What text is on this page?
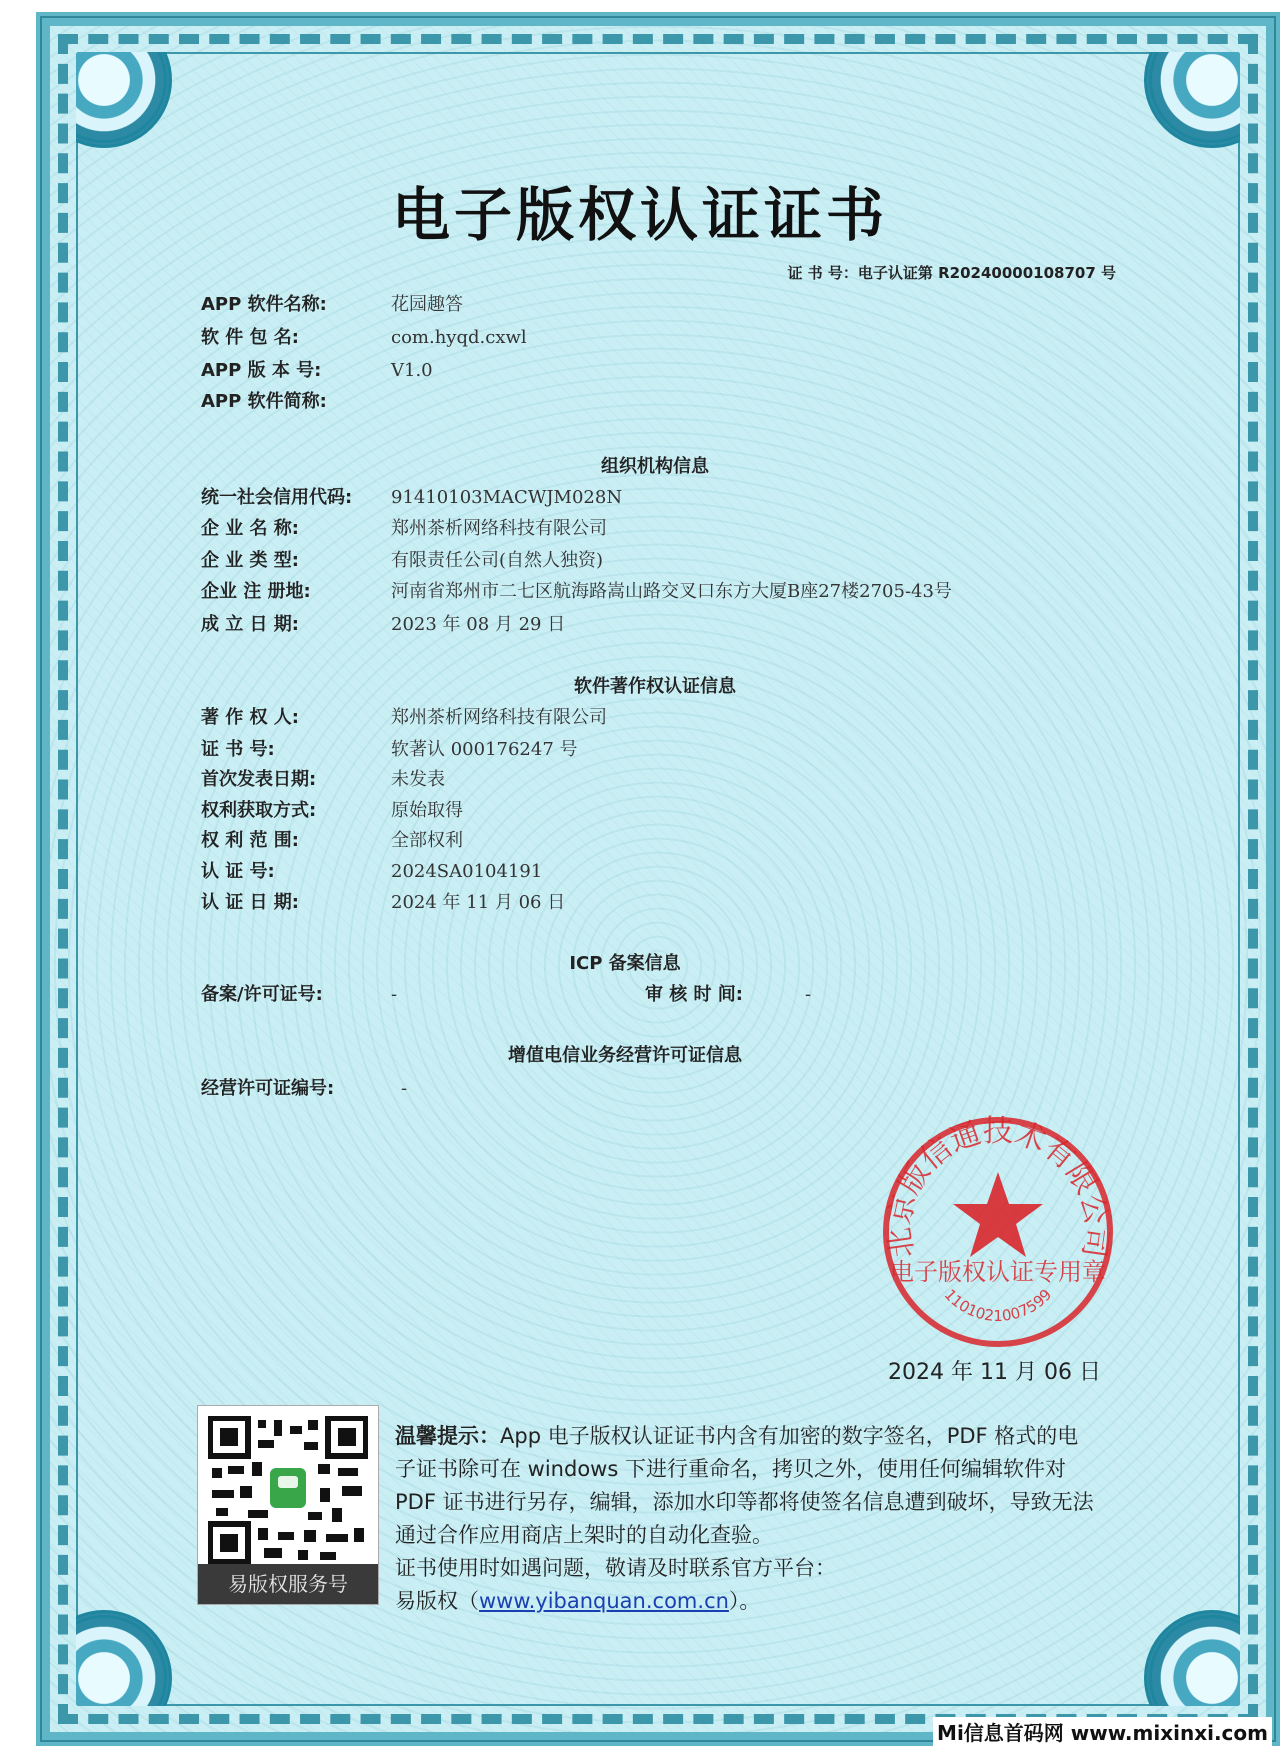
电子版权认证证书
证 书 号：电子认证第 R20240000108707 号
APP 软件名称:	花园趣答
软 件 包 名:	com.hyqd.cxwl
APP 版 本 号:	V1.0
APP 软件简称:
组织机构信息
统一社会信用代码: 91410103MACWJM028N
企 业 名 称:	郑州茶析网络科技有限公司
企 业 类 型:	有限责任公司(自然人独资)
企业 注 册地:	河南省郑州市二七区航海路嵩山路交叉口东方大厦B座27楼2705-43号
成 立 日 期:	2023 年 08 月 29 日
软件著作权认证信息
著 作 权 人:	郑州茶析网络科技有限公司
证 书 号:	软著认 000176247 号
首次发表日期:	未发表
权利获取方式:	原始取得
权 利 范 围:	全部权利
认 证 号:	2024SA0104191
认 证 日 期:	2024 年 11 月 06 日
ICP 备案信息
备案/许可证号:	-	审 核 时 间:	-
增值电信业务经营许可证信息
经营许可证编号:	-
北京版信通技术有限公司
电子版权认证专用章
1101021007599
2024 年 11 月 06 日
易版权服务号
温馨提示：App 电子版权认证证书内含有加密的数字签名，PDF 格式的电子证书除可在 windows 下进行重命名，拷贝之外，使用任何编辑软件对 PDF 证书进行另存，编辑，添加水印等都将使签名信息遭到破坏，导致无法通过合作应用商店上架时的自动化查验。
证书使用时如遇问题，敬请及时联系官方平台：
易版权（www.yibanquan.com.cn）。
Mi信息首码网 www.mixinxi.com
